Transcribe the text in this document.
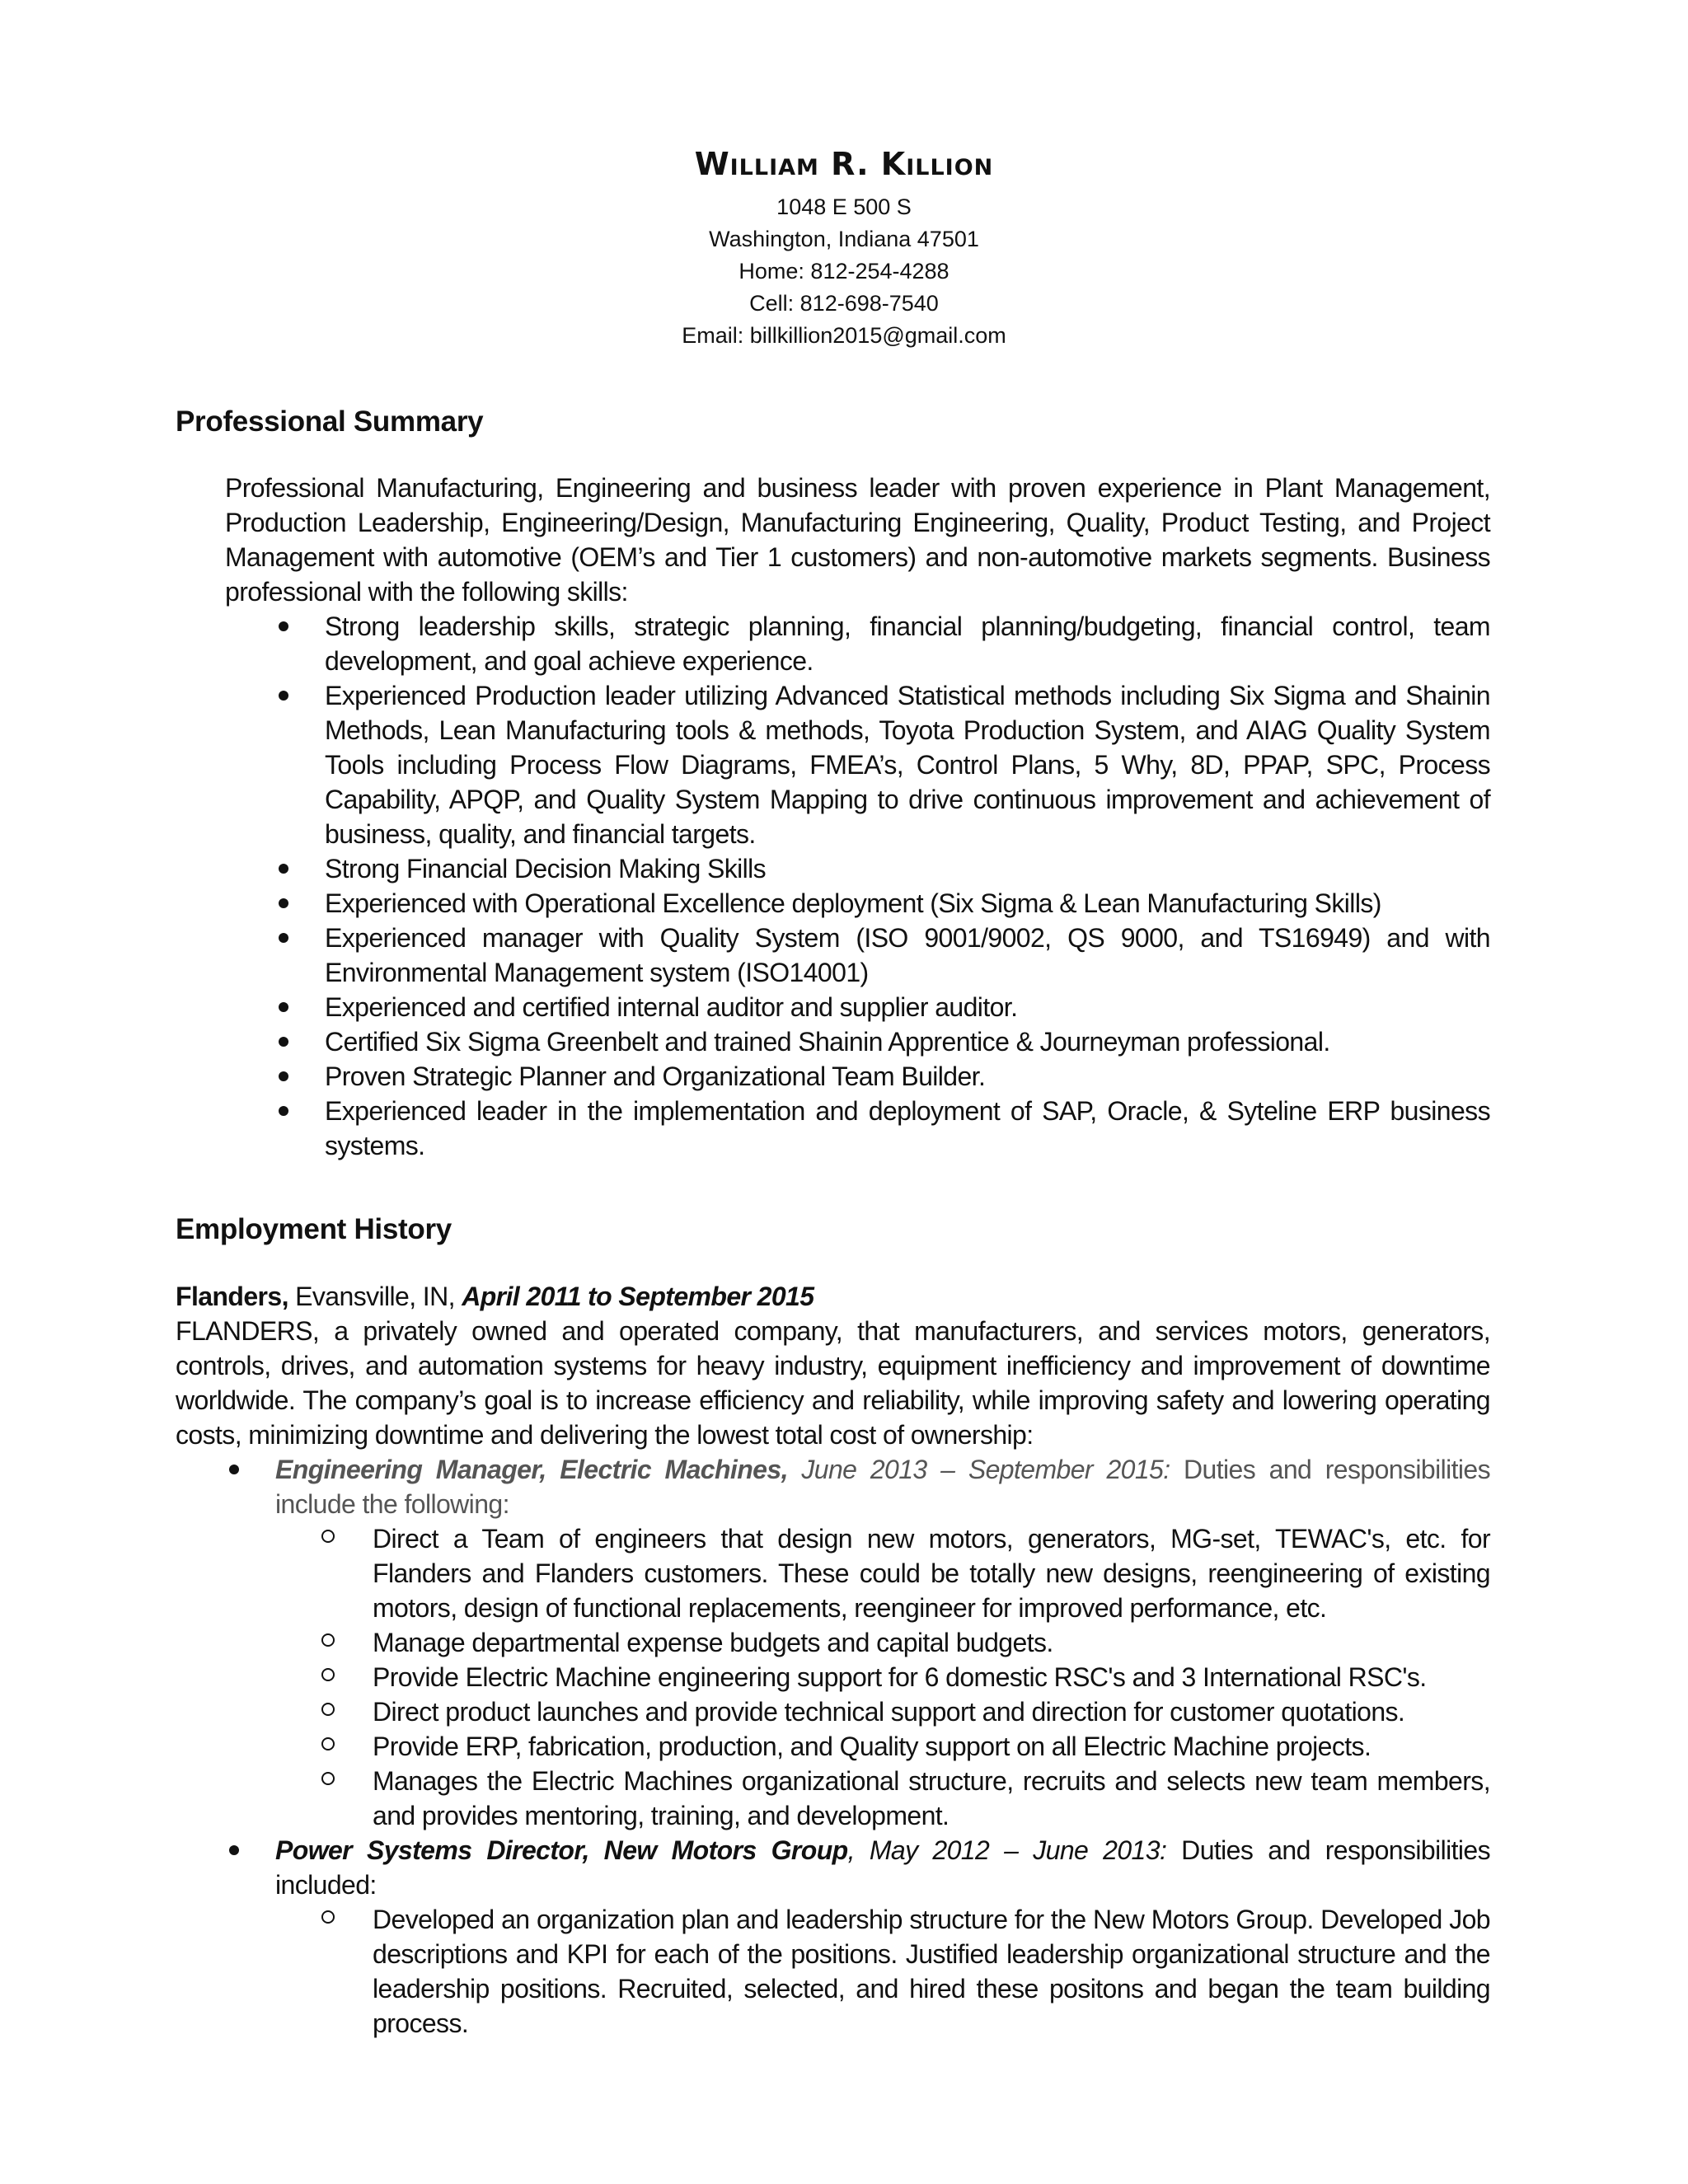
William R. Killion

1048 E 500 S

Washington, Indiana 47501

Home: 812-254-4288

Cell: 812-698-7540

Email: billkillion2015@gmail.com

Professional Summary

Professional Manufacturing, Engineering and business leader with proven experience in Plant Management, Production Leadership, Engineering/Design, Manufacturing Engineering, Quality, Product Testing, and Project Management with automotive (OEM’s and Tier 1 customers) and non-automotive markets segments. Business professional with the following skills:

Strong leadership skills, strategic planning, financial planning/budgeting, financial control, team development, and goal achieve experience.
Experienced Production leader utilizing Advanced Statistical methods including Six Sigma and Shainin Methods, Lean Manufacturing tools & methods, Toyota Production System, and AIAG Quality System Tools including Process Flow Diagrams, FMEA’s, Control Plans, 5 Why, 8D, PPAP, SPC, Process Capability, APQP, and Quality System Mapping to drive continuous improvement and achievement of business, quality, and financial targets.
Strong Financial Decision Making Skills
Experienced with Operational Excellence deployment (Six Sigma & Lean Manufacturing Skills)
Experienced manager with Quality System (ISO 9001/9002, QS 9000, and TS16949) and with Environmental Management system (ISO14001)
Experienced and certified internal auditor and supplier auditor.
Certified Six Sigma Greenbelt and trained Shainin Apprentice & Journeyman professional.
Proven Strategic Planner and Organizational Team Builder.
Experienced leader in the implementation and deployment of SAP, Oracle, & Syteline ERP business systems.
Employment History

Flanders, Evansville, IN, April 2011 to September 2015

FLANDERS, a privately owned and operated company, that manufacturers, and services motors, generators, controls, drives, and automation systems for heavy industry, equipment inefficiency and improvement of downtime worldwide. The company’s goal is to increase efficiency and reliability, while improving safety and lowering operating costs, minimizing downtime and delivering the lowest total cost of ownership:

Engineering Manager, Electric Machines, June 2013 – September 2015: Duties and responsibilities include the following:
Direct a Team of engineers that design new motors, generators, MG-set, TEWAC's, etc. for Flanders and Flanders customers. These could be totally new designs, reengineering of existing motors, design of functional replacements, reengineer for improved performance, etc.
Manage departmental expense budgets and capital budgets.
Provide Electric Machine engineering support for 6 domestic RSC's and 3 International RSC's.
Direct product launches and provide technical support and direction for customer quotations.
Provide ERP, fabrication, production, and Quality support on all Electric Machine projects.
Manages the Electric Machines organizational structure, recruits and selects new team members, and provides mentoring, training, and development.
Power Systems Director, New Motors Group, May 2012 – June 2013: Duties and responsibilities included:
Developed an organization plan and leadership structure for the New Motors Group. Developed Job descriptions and KPI for each of the positions. Justified leadership organizational structure and the leadership positions. Recruited, selected, and hired these positons and began the team building process.
